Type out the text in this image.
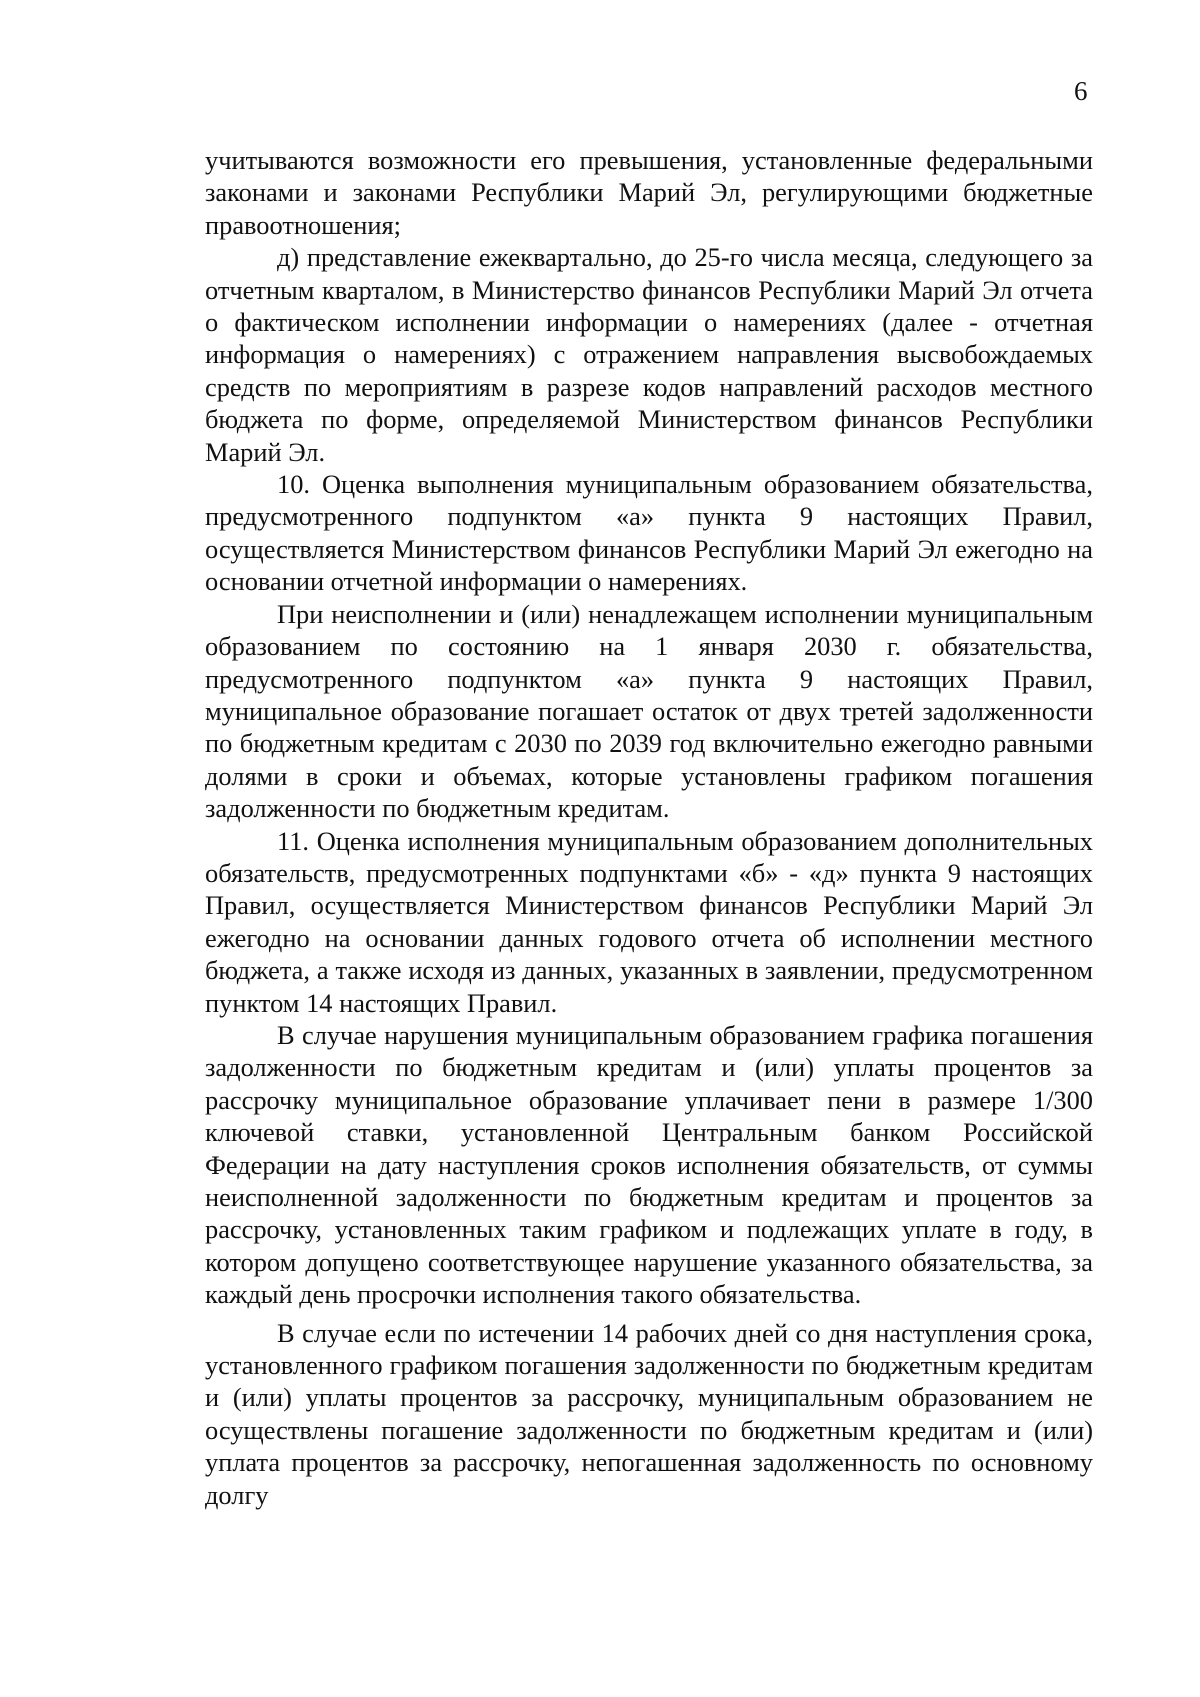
6

учитываются возможности его превышения, установленные федеральными законами и законами Республики Марий Эл, регулирующими бюджетные правоотношения;

д) представление ежеквартально, до 25-го числа месяца, следующего за отчетным кварталом, в Министерство финансов Республики Марий Эл отчета о фактическом исполнении информации о намерениях (далее - отчетная информация о намерениях) с отражением направления высвобождаемых средств по мероприятиям в разрезе кодов направлений расходов местного бюджета по форме, определяемой Министерством финансов Республики Марий Эл.

10. Оценка выполнения муниципальным образованием обязательства, предусмотренного подпунктом «а» пункта 9 настоящих Правил, осуществляется Министерством финансов Республики Марий Эл ежегодно на основании отчетной информации о намерениях.

При неисполнении и (или) ненадлежащем исполнении муниципальным образованием по состоянию на 1 января 2030 г. обязательства, предусмотренного подпунктом «а» пункта 9 настоящих Правил, муниципальное образование погашает остаток от двух третей задолженности по бюджетным кредитам с 2030 по 2039 год включительно ежегодно равными долями в сроки и объемах, которые установлены графиком погашения задолженности по бюджетным кредитам.

11. Оценка исполнения муниципальным образованием дополнительных обязательств, предусмотренных подпунктами «б» - «д» пункта 9 настоящих Правил, осуществляется Министерством финансов Республики Марий Эл ежегодно на основании данных годового отчета об исполнении местного бюджета, а также исходя из данных, указанных в заявлении, предусмотренном пунктом 14 настоящих Правил.

В случае нарушения муниципальным образованием графика погашения задолженности по бюджетным кредитам и (или) уплаты процентов за рассрочку муниципальное образование уплачивает пени в размере 1/300 ключевой ставки, установленной Центральным банком Российской Федерации на дату наступления сроков исполнения обязательств, от суммы неисполненной задолженности по бюджетным кредитам и процентов за рассрочку, установленных таким графиком и подлежащих уплате в году, в котором допущено соответствующее нарушение указанного обязательства, за каждый день просрочки исполнения такого обязательства.

В случае если по истечении 14 рабочих дней со дня наступления срока, установленного графиком погашения задолженности по бюджетным кредитам и (или) уплаты процентов за рассрочку, муниципальным образованием не осуществлены погашение задолженности по бюджетным кредитам и (или) уплата процентов за рассрочку, непогашенная задолженность по основному долгу
